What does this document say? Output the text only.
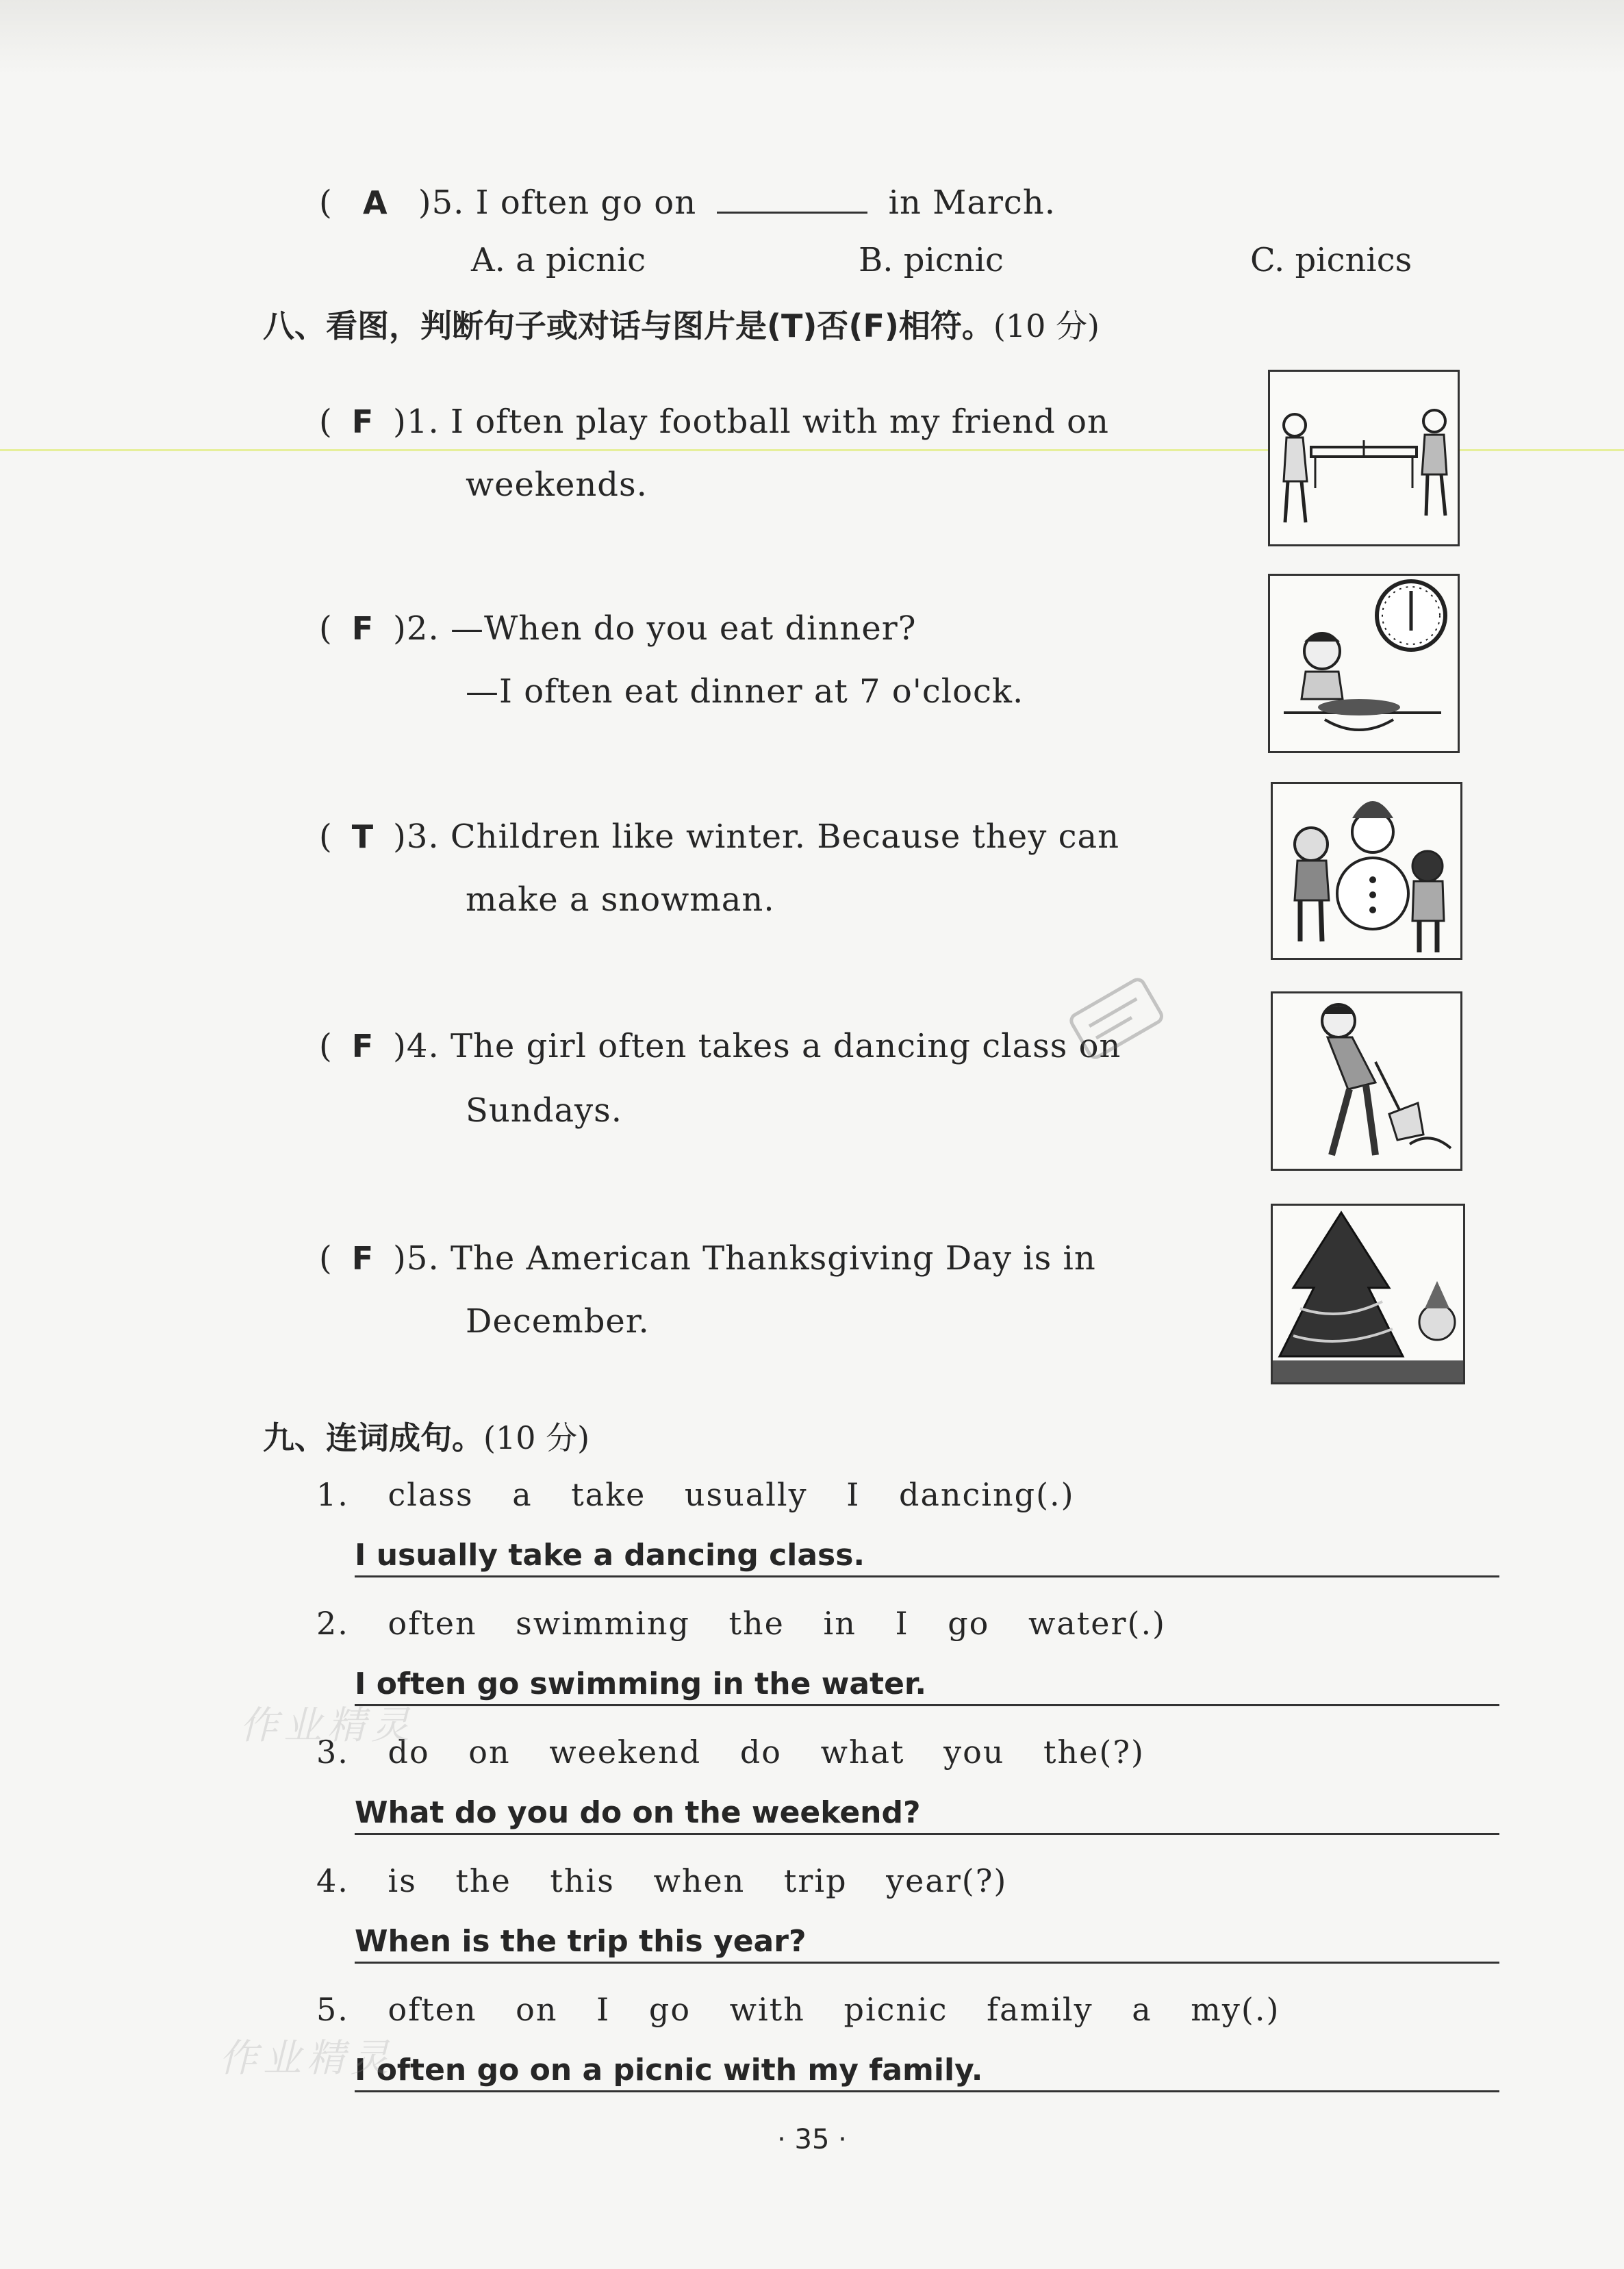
( A )5. I often go on	in March.
A. a picnic	B. picnic	C. picnics
八、看图，判断句子或对话与图片是(T)否(F)相符。(10 分)
( F )1. I often play football with my friend on
weekends.
( F )2. —When do you eat dinner?
—I often eat dinner at 7 o'clock.
( T )3. Children like winter. Because they can
make a snowman.
( F )4. The girl often takes a dancing class on
Sundays.
( F )5. The American Thanksgiving Day is in
December.
九、连词成句。(10 分)
1. class a take usually I dancing(.)
I usually take a dancing class.
2. often swimming the in I go water(.)
I often go swimming in the water.
3. do on weekend do what you the(?)
What do you do on the weekend?
4. is the this when trip year(?)
When is the trip this year?
5. often on I go with picnic family a my(.)
I often go on a picnic with my family.
作业精灵
作业精灵
· 35 ·
